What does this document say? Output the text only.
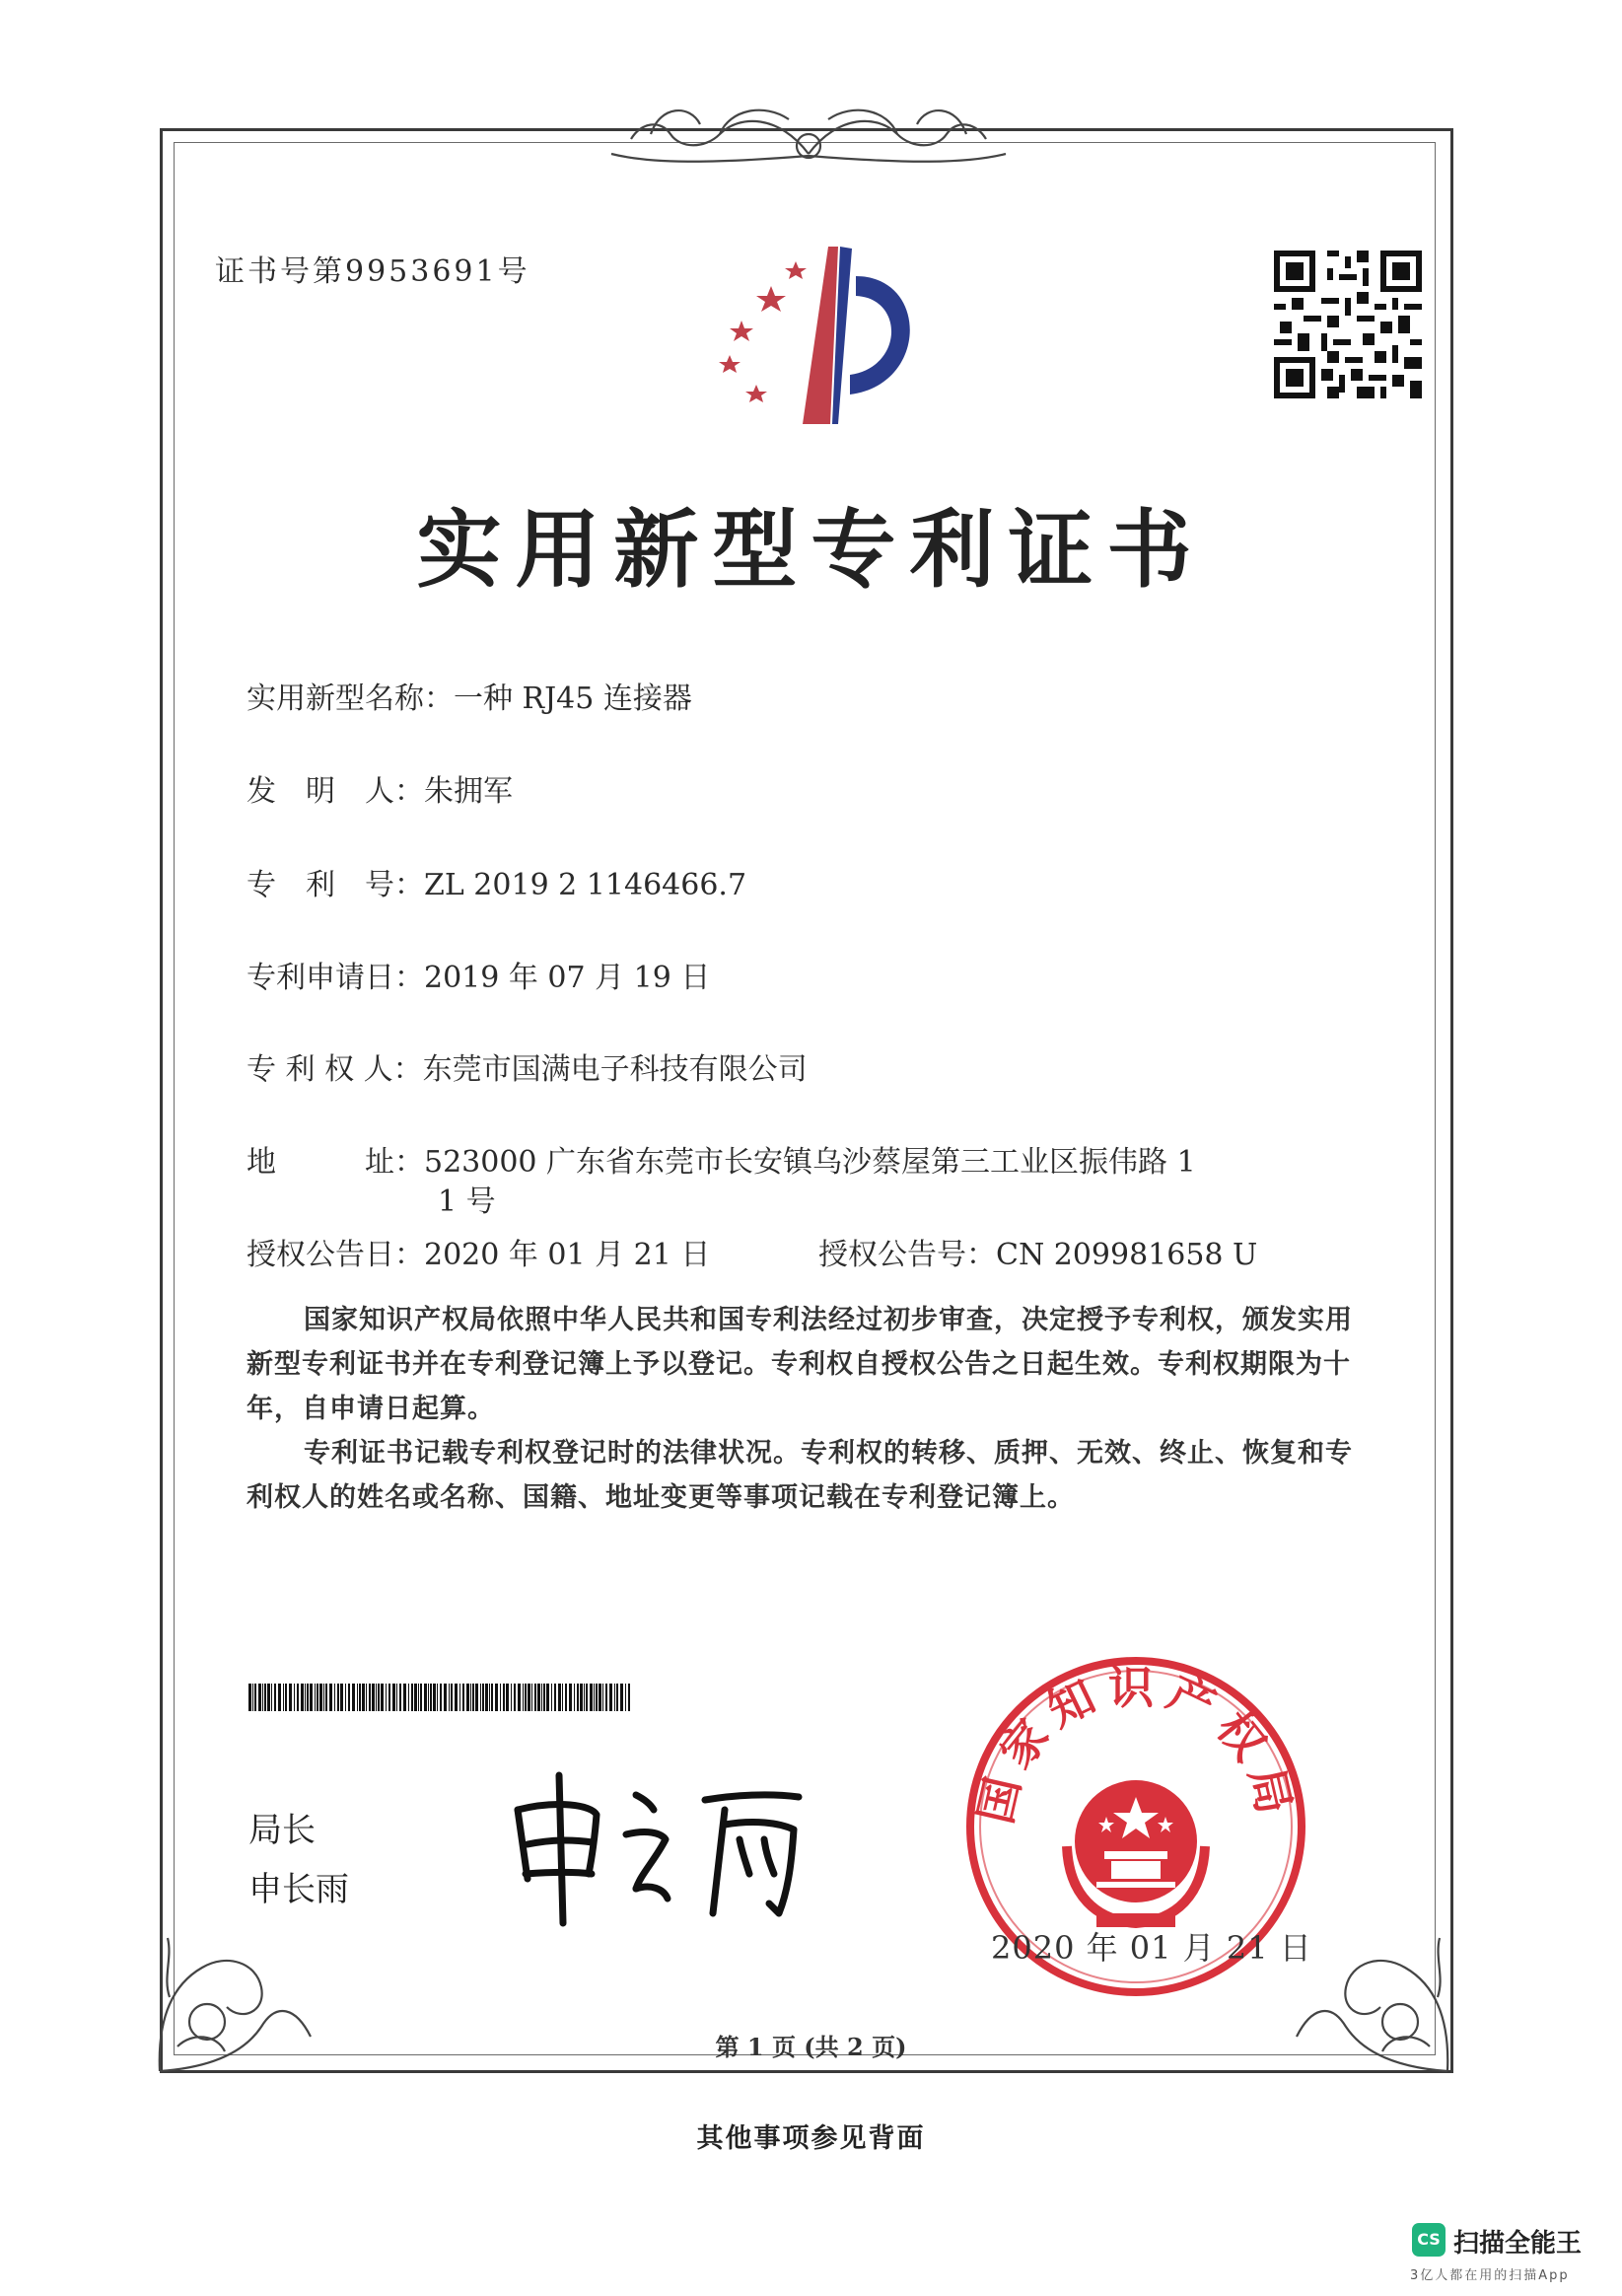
证书号第9953691号
实用新型专利证书
实用新型名称：一种 RJ45 连接器
发　明　人：朱拥军
专　利　号：ZL 2019 2 1146466.7
专利申请日：2019 年 07 月 19 日
专 利 权 人：东莞市国满电子科技有限公司
地　　　址：523000 广东省东莞市长安镇乌沙蔡屋第三工业区振伟路 1
1 号
授权公告日：2020 年 01 月 21 日	授权公告号：CN 209981658 U
国家知识产权局依照中华人民共和国专利法经过初步审查，决定授予专利权，颁发实用
新型专利证书并在专利登记簿上予以登记。专利权自授权公告之日起生效。专利权期限为十
年，自申请日起算。
专利证书记载专利权登记时的法律状况。专利权的转移、质押、无效、终止、恢复和专
利权人的姓名或名称、国籍、地址变更等事项记载在专利登记簿上。
局长
申长雨
国家知识产权局
2020 年 01 月 21 日
第 1 页 (共 2 页)
其他事项参见背面
CS 扫描全能王
3亿人都在用的扫描App
